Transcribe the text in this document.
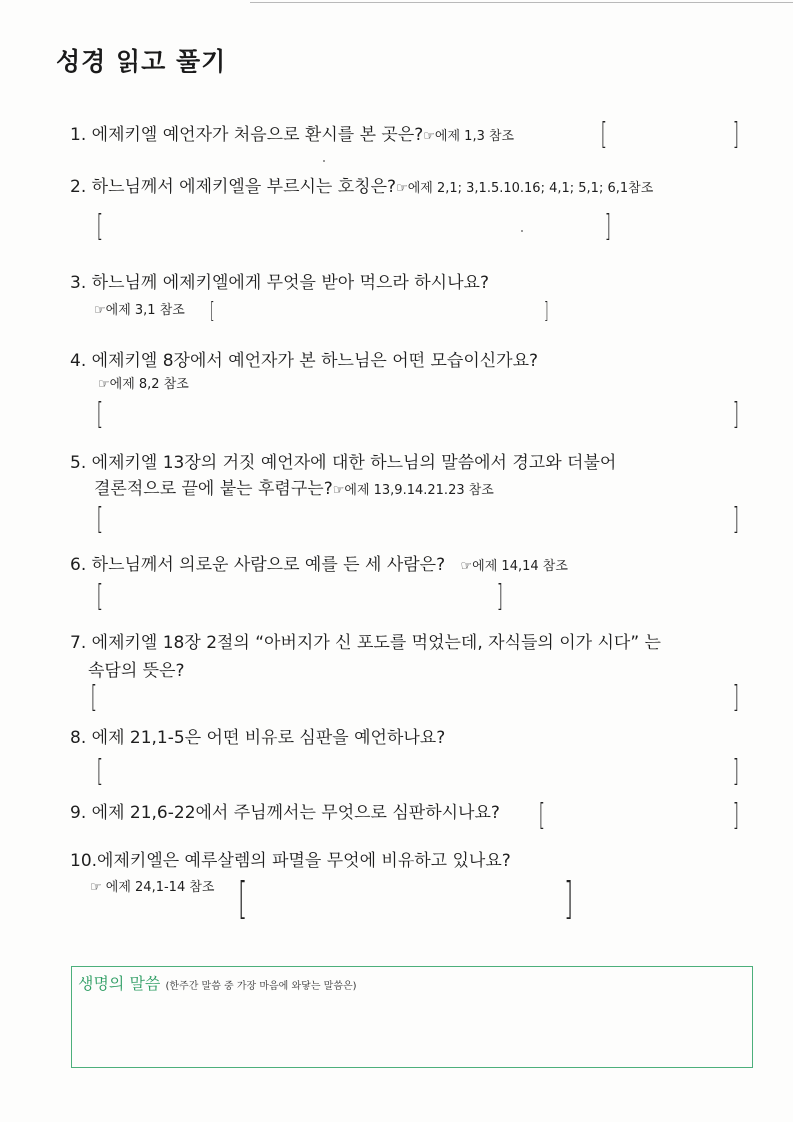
성경 읽고 풀기
1. 에제키엘 예언자가 처음으로 환시를 본 곳은?☞에제 1,3 참조	[	]
2. 하느님께서 에제키엘을 부르시는 호칭은?☞에제 2,1; 3,1.5.10.16; 4,1; 5,1; 6,1참조
[	]
3. 하느님께 에제키엘에게 무엇을 받아 먹으라 하시나요?
☞에제 3,1 참조 [	]
4. 에제키엘 8장에서 예언자가 본 하느님은 어떤 모습이신가요?
☞에제 8,2 참조
[	]
5. 에제키엘 13장의 거짓 예언자에 대한 하느님의 말씀에서 경고와 더불어
결론적으로 끝에 붙는 후렴구는?☞에제 13,9.14.21.23 참조
[	]
6. 하느님께서 의로운 사람으로 예를 든 세 사람은? ☞에제 14,14 참조
[	]
7. 에제키엘 18장 2절의 “아버지가 신 포도를 먹었는데, 자식들의 이가 시다” 는
속담의 뜻은?
[	]
8. 에제 21,1-5은 어떤 비유로 심판을 예언하나요?
[	]
9. 에제 21,6-22에서 주님께서는 무엇으로 심판하시나요? [	]
10.에제키엘은 예루살렘의 파멸을 무엇에 비유하고 있나요?
☞ 에제 24,1-14 참조 [	]
생명의 말씀 (한주간 말씀 중 가장 마음에 와닿는 말씀은)
